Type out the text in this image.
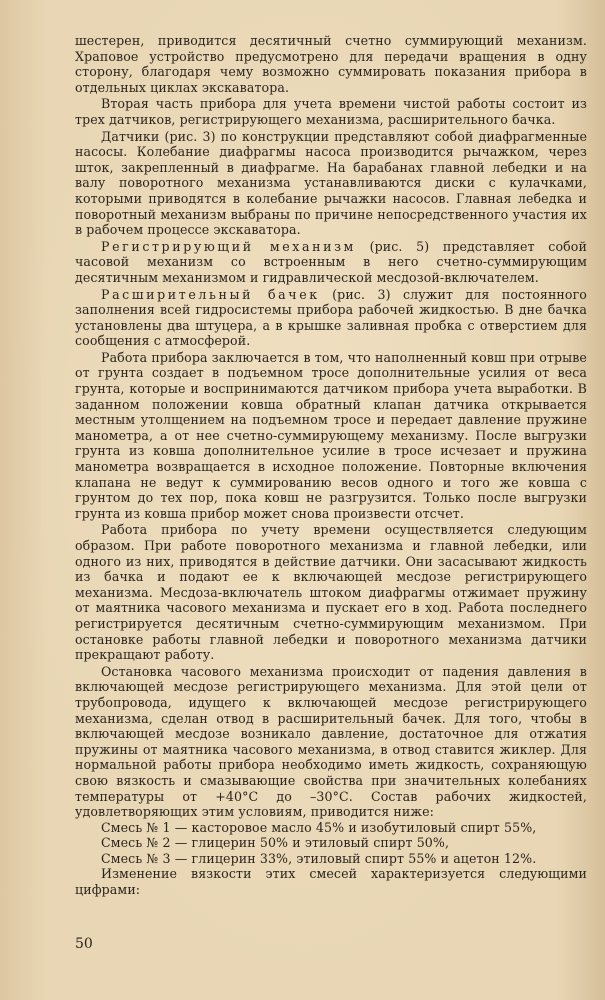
шестерен, приводится десятичный счетно суммирующий механизм. Храповое устройство предусмотрено для передачи вращения в одну сторону, благодаря чему возможно суммировать показания прибора в отдельных циклах экскаватора.

Вторая часть прибора для учета времени чистой работы состоит из трех датчиков, регистрирующего механизма, расширительного бачка.

Датчики (рис. 3) по конструкции представляют собой диафрагменные насосы. Колебание диафрагмы насоса производится рычажком, через шток, закрепленный в диафрагме. На барабанах главной лебедки и на валу поворотного механизма устанавливаются диски с кулачками, которыми приводятся в колебание рычажки насосов. Главная лебедка и поворотный механизм выбраны по причине непосредственного участия их в рабочем процессе экскаватора.

Регистрирующий механизм (рис. 5) представляет собой часовой механизм со встроенным в него счетно-суммирующим десятичным механизмом и гидравлической месдозой-включателем.

Расширительный бачек (рис. 3) служит для постоянного заполнения всей гидросистемы прибора рабочей жидкостью. В дне бачка установлены два штуцера, а в крышке заливная пробка с отверстием для сообщения с атмосферой.

Работа прибора заключается в том, что наполненный ковш при отрыве от грунта создает в подъемном тросе дополнительные усилия от веса грунта, которые и воспринимаются датчиком прибора учета выработки. В заданном положении ковша обратный клапан датчика открывается местным утолщением на подъемном тросе и передает давление пружине манометра, а от нее счетно-суммирующему механизму. После выгрузки грунта из ковша дополнительное усилие в тросе исчезает и пружина манометра возвращается в исходное положение. Повторные включения клапана не ведут к суммированию весов одного и того же ковша с грунтом до тех пор, пока ковш не разгрузится. Только после выгрузки грунта из ковша прибор может снова произвести отсчет.

Работа прибора по учету времени осуществляется следующим образом. При работе поворотного механизма и главной лебедки, или одного из них, приводятся в действие датчики. Они засасывают жидкость из бачка и подают ее к включающей месдозе регистрирующего механизма. Месдоза-включатель штоком диафрагмы отжимает пружину от маятника часового механизма и пускает его в ход. Работа последнего регистрируется десятичным счетно-суммирующим механизмом. При остановке работы главной лебедки и поворотного механизма датчики прекращают работу.

Остановка часового механизма происходит от падения давления в включающей месдозе регистрирующего механизма. Для этой цели от трубопровода, идущего к включающей месдозе регистрирующего механизма, сделан отвод в расширительный бачек. Для того, чтобы в включающей месдозе возникало давление, достаточное для отжатия пружины от маятника часового механизма, в отвод ставится жиклер. Для нормальной работы прибора необходимо иметь жидкость, сохраняющую свою вязкость и смазывающие свойства при значительных колебаниях температуры от +40°С до –30°С. Состав рабочих жидкостей, удовлетворяющих этим условиям, приводится ниже:

Смесь № 1 — касторовое масло 45% и изобутиловый спирт 55%,
Смесь № 2 — глицерин 50% и этиловый спирт 50%,
Смесь № 3 — глицерин 33%, этиловый спирт 55% и ацетон 12%.

Изменение вязкости этих смесей характеризуется следующими цифрами:

50
